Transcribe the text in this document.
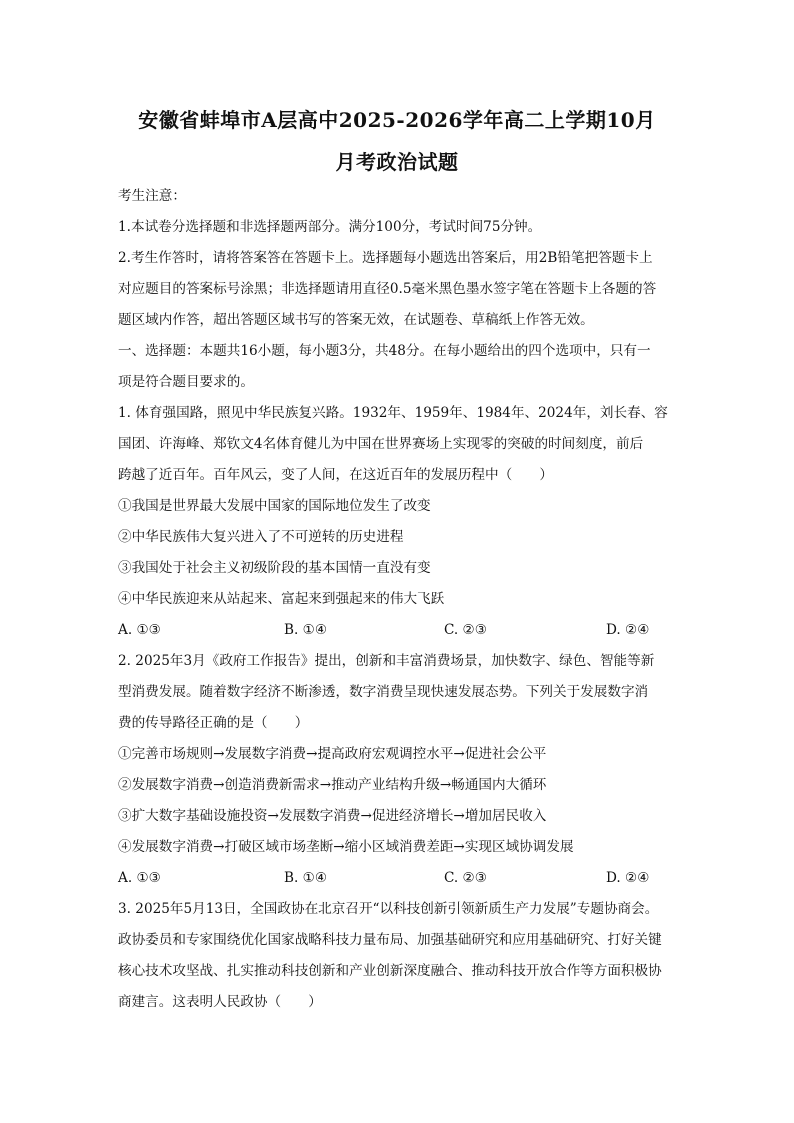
安徽省蚌埠市A层高中2025-2026学年高二上学期10月
月考政治试题
考生注意：
1.本试卷分选择题和非选择题两部分。满分100分，考试时间75分钟。
2.考生作答时，请将答案答在答题卡上。选择题每小题选出答案后，用2B铅笔把答题卡上
对应题目的答案标号涂黑；非选择题请用直径0.5毫米黑色墨水签字笔在答题卡上各题的答
题区域内作答，超出答题区域书写的答案无效，在试题卷、草稿纸上作答无效。
一、选择题：本题共16小题，每小题3分，共48分。在每小题给出的四个选项中，只有一
项是符合题目要求的。
1. 体育强国路，照见中华民族复兴路。1932年、1959年、1984年、2024年，刘长春、容
国团、许海峰、郑钦文4名体育健儿为中国在世界赛场上实现零的突破的时间刻度，前后
跨越了近百年。百年风云，变了人间，在这近百年的发展历程中（　　）
①我国是世界最大发展中国家的国际地位发生了改变
②中华民族伟大复兴进入了不可逆转的历史进程
③我国处于社会主义初级阶段的基本国情一直没有变
④中华民族迎来从站起来、富起来到强起来的伟大飞跃
A. ①③	B. ①④	C. ②③	D. ②④
2. 2025年3月《政府工作报告》提出，创新和丰富消费场景，加快数字、绿色、智能等新
型消费发展。随着数字经济不断渗透，数字消费呈现快速发展态势。下列关于发展数字消
费的传导路径正确的是（　　）
①完善市场规则→发展数字消费→提高政府宏观调控水平→促进社会公平
②发展数字消费→创造消费新需求→推动产业结构升级→畅通国内大循环
③扩大数字基础设施投资→发展数字消费→促进经济增长→增加居民收入
④发展数字消费→打破区域市场垄断→缩小区域消费差距→实现区域协调发展
A. ①③	B. ①④	C. ②③	D. ②④
3. 2025年5月13日，全国政协在北京召开“以科技创新引领新质生产力发展”专题协商会。
政协委员和专家围绕优化国家战略科技力量布局、加强基础研究和应用基础研究、打好关键
核心技术攻坚战、扎实推动科技创新和产业创新深度融合、推动科技开放合作等方面积极协
商建言。这表明人民政协（　　）
